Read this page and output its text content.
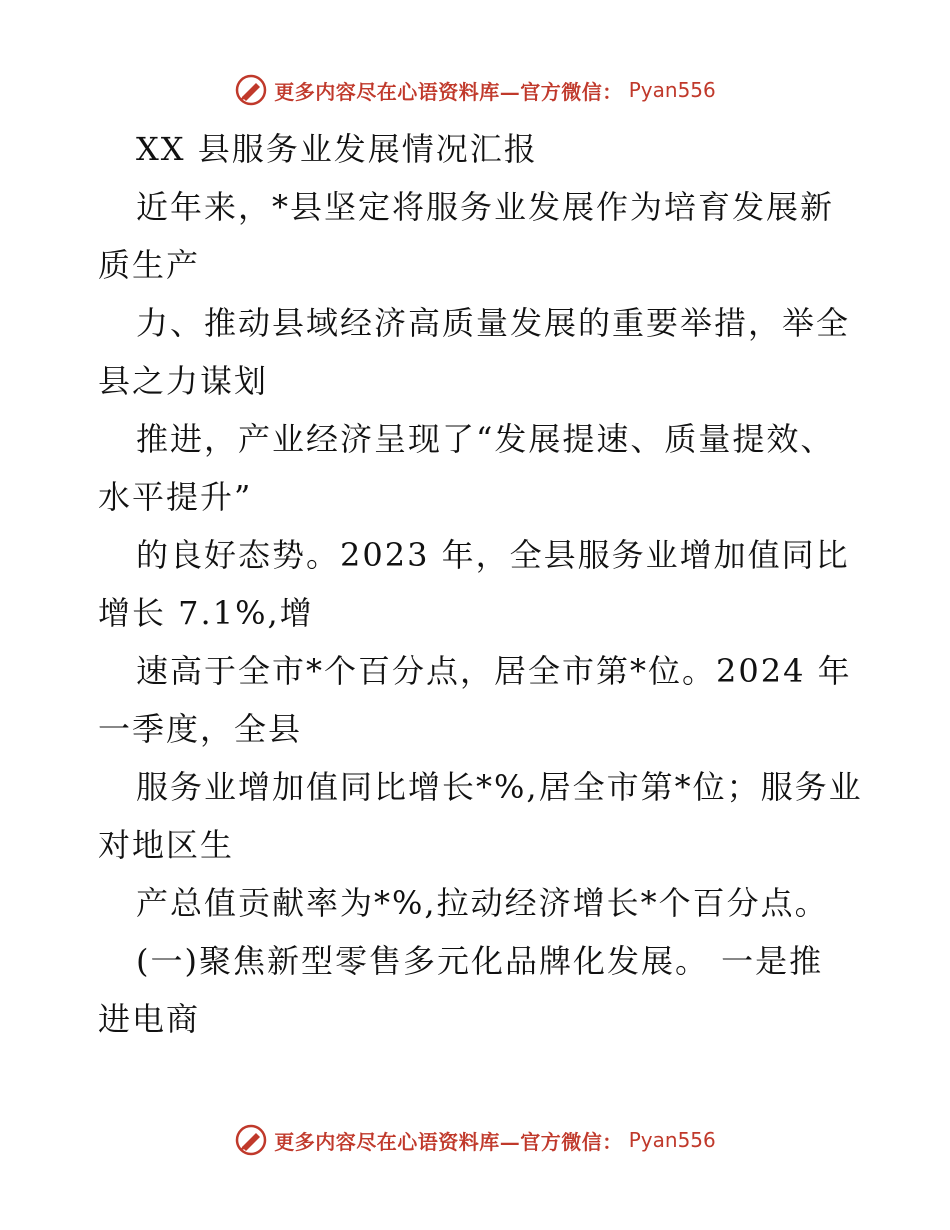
更多内容尽在心语资料库—官方微信： Pyan556
XX 县服务业发展情况汇报
近年来，*县坚定将服务业发展作为培育发展新
质生产
力、推动县域经济高质量发展的重要举措，举全
县之力谋划
推进，产业经济呈现了“发展提速、质量提效、
水平提升”
的良好态势。2023 年，全县服务业增加值同比
增长 7.1%,增
速高于全市*个百分点，居全市第*位。2024 年
一季度，全县
服务业增加值同比增长*%,居全市第*位；服务业
对地区生
产总值贡献率为*%,拉动经济增长*个百分点。
(一)聚焦新型零售多元化品牌化发展。 一是推
进电商
更多内容尽在心语资料库—官方微信： Pyan556
